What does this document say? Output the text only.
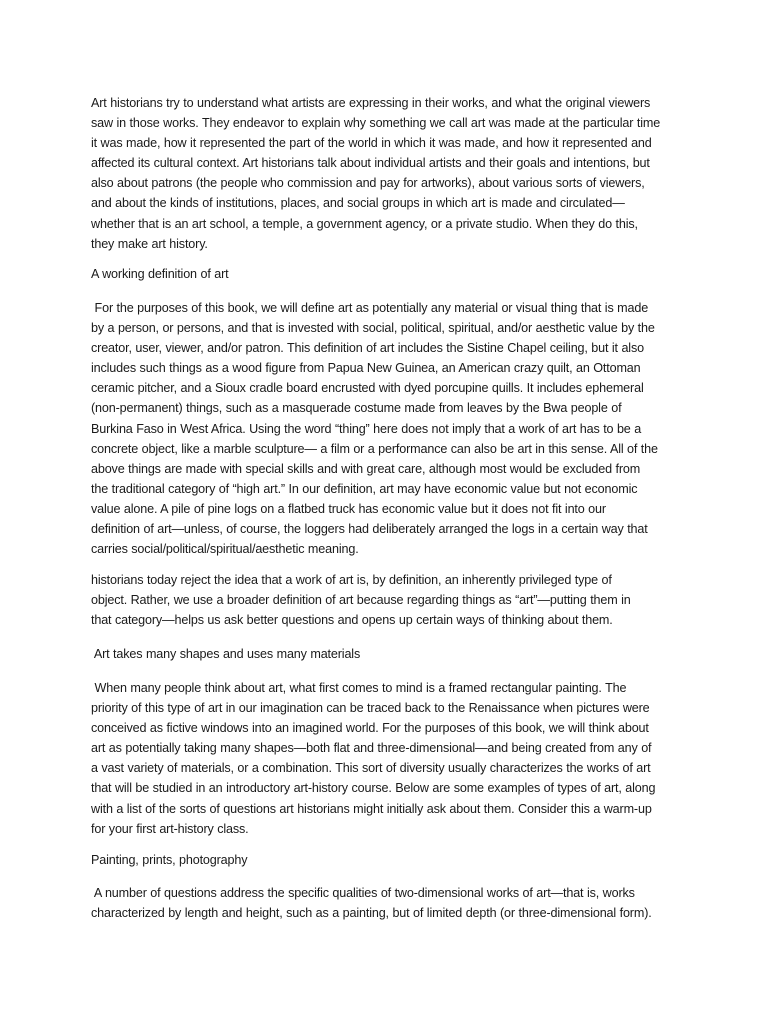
Art historians try to understand what artists are expressing in their works, and what the original viewers
saw in those works. They endeavor to explain why something we call art was made at the particular time
it was made, how it represented the part of the world in which it was made, and how it represented and
affected its cultural context. Art historians talk about individual artists and their goals and intentions, but
also about patrons (the people who commission and pay for artworks), about various sorts of viewers,
and about the kinds of institutions, places, and social groups in which art is made and circulated—
whether that is an art school, a temple, a government agency, or a private studio. When they do this,
they make art history.
A working definition of art
For the purposes of this book, we will define art as potentially any material or visual thing that is made
by a person, or persons, and that is invested with social, political, spiritual, and/or aesthetic value by the
creator, user, viewer, and/or patron. This definition of art includes the Sistine Chapel ceiling, but it also
includes such things as a wood figure from Papua New Guinea, an American crazy quilt, an Ottoman
ceramic pitcher, and a Sioux cradle board encrusted with dyed porcupine quills. It includes ephemeral
(non-permanent) things, such as a masquerade costume made from leaves by the Bwa people of
Burkina Faso in West Africa. Using the word “thing” here does not imply that a work of art has to be a
concrete object, like a marble sculpture— a film or a performance can also be art in this sense. All of the
above things are made with special skills and with great care, although most would be excluded from
the traditional category of “high art.” In our definition, art may have economic value but not economic
value alone. A pile of pine logs on a flatbed truck has economic value but it does not fit into our
definition of art—unless, of course, the loggers had deliberately arranged the logs in a certain way that
carries social/political/spiritual/aesthetic meaning.
historians today reject the idea that a work of art is, by definition, an inherently privileged type of
object. Rather, we use a broader definition of art because regarding things as “art”—putting them in
that category—helps us ask better questions and opens up certain ways of thinking about them.
Art takes many shapes and uses many materials
When many people think about art, what first comes to mind is a framed rectangular painting. The
priority of this type of art in our imagination can be traced back to the Renaissance when pictures were
conceived as fictive windows into an imagined world. For the purposes of this book, we will think about
art as potentially taking many shapes—both flat and three-dimensional—and being created from any of
a vast variety of materials, or a combination. This sort of diversity usually characterizes the works of art
that will be studied in an introductory art-history course. Below are some examples of types of art, along
with a list of the sorts of questions art historians might initially ask about them. Consider this a warm-up
for your first art-history class.
Painting, prints, photography
A number of questions address the specific qualities of two-dimensional works of art—that is, works
characterized by length and height, such as a painting, but of limited depth (or three-dimensional form).
